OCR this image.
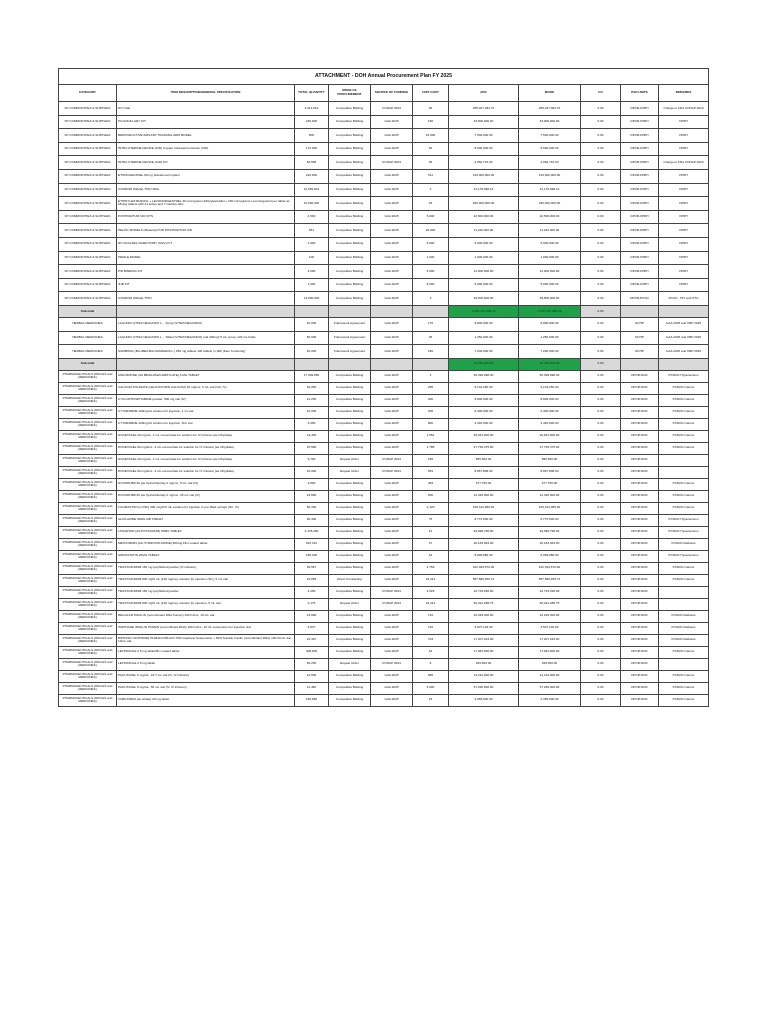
ATTACHMENT - DOH Annual Procurement Plan FY 2025										
CATEGORY	ITEM DESCRIPTION/GENERAL SPECIFICATION	TOTAL QUANTITY	MODE OF PROCUREMENT	SOURCE OF FUNDING	UNIT COST	ABC	MOOE	CO	PAP-UNITS	REMARKS
FP COMMODITIES & SUPPLIES	DO Chal	4,013,512	Competitive Bidding	CONAP 2024	36	255,027,384.70	255,027,384.70	0.00	DPCB-FPRH	Charge to FDA CONAP 2024
FP COMMODITIES & SUPPLIES	PO ANCILLARY KIT	220,000	Competitive Bidding	GAA 2025	150	33,000,000.00	33,000,000.00	0.00	DPCB-FPRH	FPRH
FP COMMODITIES & SUPPLIES	REPRODUCTIVE IMPLANT TRAINING ARM MODEL	500	Competitive Bidding	GAA 2025	15,000	7,500,000.00	7,500,000.00	0.00	DPCB-FPRH	FPRH
FP COMMODITIES & SUPPLIES	INTRA UTERINE DEVICE (IUD) Copper Intrauterine Device (IUD)	170,000	Competitive Bidding	GAA 2025	50	8,500,000.00	8,500,000.00	0.00	DPCB-FPRH	FPRH
FP COMMODITIES & SUPPLIES	INTRA UTERINE DEVICE (IUD) KIT	84,596	Competitive Bidding	CONAP 2024	35	2,960,716.00	2,960,716.00	0.00	DPCB-FPRH	Charge to FDA CONAP 2024
FP COMMODITIES & SUPPLIES	ETONOGESTREL 68 mg Subdermal Implant	220,000	Competitive Bidding	GAA 2025	511	143,000,000.00	143,000,000.00	0.00	DPCB-FPRH	FPRH
FP COMMODITIES & SUPPLIES	CONDOM (MALE) THIN 360s	12,059,844	Competitive Bidding	GAA 2025	3	31,178,998.16	31,178,998.16	0.00	DPCB-FPRH	FPRH
FP COMMODITIES & SUPPLIES	ETHINYLESTRADIOL + LEVONORGESTREL 30 micrograms Ethinylestradiol + 150 micrograms Levonorgestrel per tablet as 28 day tablets with 21 active and 7 inactive tabs	10,000,000	Competitive Bidding	GAA 2025	45	450,000,000.00	450,000,000.00	0.00	DPCB-FPRH	FPRH
FP COMMODITIES & SUPPLIES	POSTPARTUM IUD KITS	4,500	Competitive Bidding	GAA 2025	5,000	22,500,000.00	22,500,000.00	0.00	DPCB-FPRH	FPRH
FP COMMODITIES & SUPPLIES	PELVIC MODELS (Material) FOR POSTPARTUM IUD	561	Competitive Bidding	GAA 2025	20,000	11,220,000.00	11,220,000.00	0.00	DPCB-FPRH	FPRH
FP COMMODITIES & SUPPLIES	NO SCALPEL VASECTOMY (NSV) KIT	1,000	Competitive Bidding	GAA 2025	5,000	5,000,000.00	5,000,000.00	0.00	DPCB-FPRH	FPRH
FP COMMODITIES & SUPPLIES	PENILE MODEL	100	Competitive Bidding	GAA 2025	1,000	1,000,000.00	1,000,000.00	0.00	DPCB-FPRH	FPRH
FP COMMODITIES & SUPPLIES	PSI BINDING KIT	4,000	Competitive Bidding	GAA 2025	5,000	12,000,000.00	12,000,000.00	0.00	DPCB-FPRH	FPRH
FP COMMODITIES & SUPPLIES	JUB KIT	1,000	Competitive Bidding	GAA 2025	5,000	5,000,000.00	5,000,000.00	0.00	DPCB-FPRH	FPRH
FP COMMODITIES & SUPPLIES	CONDOM (MALE) THIN	13,000,000	Competitive Bidding	GAA 2025	3	39,500,000.00	39,500,000.00	0.00	DPCB-PCCD	PCCD - HIV and STIs
Sub-total						1,036,407,098.86	1,036,407,098.86	0.00		
HERBAL MEDICINES	LAGUNDI (VITEX NEGUNDO L. - Syrup (VITEX/NEGUNDO)	40,000	Framework Agreement	GAA 2025	170	6,800,000.00	6,800,000.00	0.00	NCHP	GAA 2025 and CBP 2025
HERBAL MEDICINES	LAGUNDI (VITEX NEGUNDO L. - Tablet (VITEX/NEGUNDO) oral 300mg/ 5 mL syrup, 120 mL bottle	50,000	Framework Agreement	GAA 2025	25	1,250,000.00	1,250,000.00	0.00	NCHP	GAA 2025 and CBP 2025
HERBAL MEDICINES	SAMBONG (BLUMEA BALSAMIFERA L.) 250 mg tablets 100 tablets (1,000 (Fam Contents))	40,000	Framework Agreement	GAA 2025	180	7,200,000.00	7,200,000.00	0.00	NCHP	GAA 2025 and CBP 2025
Sub-total						15,250,000.00	15,250,000.00	0.00		
PHARMACEUTICALS (DRUGS and MEDICINES)	AMLODIPINE (AS BESILATE/CAMSYLATE) 5 MG TABLET	17,099,850	Competitive Bidding	GAA 2025	3	50,399,998.40	50,399,998.40	0.00	DPCB-NCD	PCNCD Hypertension
PHARMACEUTICALS (DRUGS and MEDICINES)	CALCIUM FOLINATE (LEUCOVORIN CALCIUM) 10 mg/mL, 5 mL vial (OA, IV)	32,050	Competitive Bidding	GAA 2025	285	9,134,250.00	9,134,250.00	0.00	DPCB-NCD	PCNCD Cancer
PHARMACEUTICALS (DRUGS and MEDICINES)	CYCLOPHOSPHAMIDE powder, 500 mg vial (IV)	21,250	Competitive Bidding	GAA 2025	400	8,800,000.00	8,800,000.00	0.00	DPCB-NCD	PCNCD Cancer
PHARMACEUTICALS (DRUGS and MEDICINES)	CYTARABINE 100mg/ml solution for injection, 1 ml vial	16,000	Competitive Bidding	GAA 2025	400	6,400,000.00	6,400,000.00	0.00	DPCB-NCD	PCNCD Cancer
PHARMACEUTICALS (DRUGS and MEDICINES)	CYTARABINE 100mg/ml solution for injection, 5ml vial	3,050	Competitive Bidding	GAA 2025	800	2,440,000.00	2,440,000.00	0.00	DPCB-NCD	PCNCD Cancer
PHARMACEUTICALS (DRUGS and MEDICINES)	DOCETAXEL 20 mg/mL, 1 mL concentrate for solution for IV infusion (as trihydrate)	13,400	Competitive Bidding	GAA 2025	1,562	20,931,000.00	20,931,000.00	0.00	DPCB-NCD	PCNCD Cancer
PHARMACEUTICALS (DRUGS and MEDICINES)	DOCETAXEL 80 mg/4mL, 4 mL concentrate for solution for IV infusion (as trihydrate)	15,550	Competitive Bidding	GAA 2025	1,785	27,756,375.00	27,756,375.00	0.00	DPCB-NCD	PCNCD Cancer
PHARMACEUTICALS (DRUGS and MEDICINES)	DOCETAXEL 20 mg/mL, 1 mL concentrate for solution for IV infusion (as trihydrate)	5,700	Repeat Order	CONAP 2024	158	895,500.00	895,500.00	0.00	DPCB-NCD	
PHARMACEUTICALS (DRUGS and MEDICINES)	DOCETAXEL 80 mg/4mL, 4 mL concentrate for solution for IV infusion (as trihydrate)	16,000	Repeat Order	CONAP 2024	554	8,867,808.00	8,867,808.00	0.00	DPCB-NCD	
PHARMACEUTICALS (DRUGS and MEDICINES)	DOXORUBICIN (as hydrochloride) 2 mg/mL, 5 mL vial (IV)	2,800	Competitive Bidding	GAA 2025	484	677,750.00	677,750.00	0.00	DPCB-NCD	PCNCD Cancer
PHARMACEUTICALS (DRUGS and MEDICINES)	DOXORUBICIN (as hydrochloride) 2 mg/mL, 25 mL vial (IV)	24,650	Competitive Bidding	GAA 2025	500	12,325,000.00	12,325,000.00	0.00	DPCB-NCD	PCNCD Cancer
PHARMACEUTICALS (DRUGS and MEDICINES)	FILGRASTIM (G-CSF) 300 mcg/0.5 mL solution for injection in pre-filled syringe (SC, IV)	50,150	Competitive Bidding	GAA 2025	2,120	106,312,985.00	106,312,985.00	0.00	DPCB-NCD	PCNCD Cancer
PHARMACEUTICALS (DRUGS and MEDICINES)	GLICLAZIDE 30MG MR TABLET	90,300	Competitive Bidding	GAA 2025	75	6,772,500.00	6,772,500.00	0.00	DPCB-NCD	PCNCD Hypertension
PHARMACEUTICALS (DRUGS and MEDICINES)	LOSARTAN (AS POTASSIUM) 50MG TABLET	4,178,280	Competitive Bidding	GAA 2025	12	49,996,796.00	49,996,796.00	0.00	DPCB-NCD	PCNCD Hypertension
PHARMACEUTICALS (DRUGS and MEDICINES)	METFORMIN (AS HYDROCHLORIDE) 500mg Film coated tablet	545,312	Competitive Bidding	GAA 2025	37	20,183,964.00	20,183,964.00	0.00	DPCB-NCD	PCNCD Diabetes
PHARMACEUTICALS (DRUGS and MEDICINES)	SIMVASTATIN 20MG TABLET	180,400	Competitive Bidding	GAA 2025	44	8,099,986.00	8,099,986.00	0.00	DPCB-NCD	PCNCD Hypertension
PHARMACEUTICALS (DRUGS and MEDICINES)	TRASTUZUMAB 150 mg lyophilized powder (IV infusion)	39,567	Competitive Bidding	GAA 2025	4,759	102,394,570.00	102,394,570.00	0.00	DPCB-NCD	PCNCD Cancer
PHARMACEUTICALS (DRUGS and MEDICINES)	TRASTUZUMAB 600 mg/5 mL (120 mg/mL) solution for injection (SC), 5 mL vial	24,059	Direct Contracting	GAA 2025	23,214	557,586,455.74	557,586,455.74	0.00	DPCB-NCD	PCNCD Cancer
PHARMACEUTICALS (DRUGS and MEDICINES)	TRASTUZUMAB 150 mg lyophilized powder	4,250	Competitive Bidding	CONAP 2024	2,529	10,733,250.00	10,733,250.00	0.00	DPCB-NCD	
PHARMACEUTICALS (DRUGS and MEDICINES)	TRASTUZUMAB 600 mg/5 mL (120 mg/mL) solution for injection, 5 mL vial	2,175	Repeat Order	CONAP 2024	23,214	50,491,288.75	50,491,288.75	0.00	DPCB-NCD	
PHARMACEUTICALS (DRUGS and MEDICINES)	REGULAR INSULIN (recombinant DNA human) 100 IU/mL, 10 mL vial	13,890	Competitive Bidding	GAA 2025	722	10,029,300.00	10,029,300.00	0.00	DPCB-NCD	PCNCD Diabetes
PHARMACEUTICALS (DRUGS and MEDICINES)	ISOPHANE INSULIN HUMAN (recombinant DNA) 100 IU/mL, 10 mL suspension for injection vial	4,837	Competitive Bidding	GAA 2025	722	3,507,146.00	3,507,146.00	0.00	DPCB-NCD	PCNCD Diabetes
PHARMACEUTICALS (DRUGS and MEDICINES)	BIPHASIC ISOPHANE HUMAN INSULIN 70% Isophane Suspension + 30% Soluble Insulin (recombinant DNA) 100 IU/mL vial, 10mL vial	24,497	Competitive Bidding	GAA 2025	703	17,207,244.00	17,207,244.00	0.00	DPCB-NCD	PCNCD Diabetes
PHARMACEUTICALS (DRUGS and MEDICINES)	LETROZOLE 2.5 mg tablet/film coated tablet	408,000	Competitive Bidding	GAA 2025	44	17,981,600.00	17,981,600.00	0.00	DPCB-NCD	PCNCD Cancer
PHARMACEUTICALS (DRUGS and MEDICINES)	LETROZOLE 2.5 mg tablet	50,250	Repeat Order	CONAP 2024	6	259,500.00	259,500.00	0.00	DPCB-NCD	
PHARMACEUTICALS (DRUGS and MEDICINES)	PACLITAXEL 6 mg/mL, 16.7 mL vial (IV, IV infusion)	14,500	Competitive Bidding	GAA 2025	980	14,210,000.00	14,210,000.00	0.00	DPCB-NCD	PCNCD Cancer
PHARMACEUTICALS (DRUGS and MEDICINES)	PACLITAXEL 6 mg/mL, 50 mL vial (IV, IV infusion)	11,450	Competitive Bidding	GAA 2025	5,000	57,250,000.00	57,250,000.00	0.00	DPCB-NCD	PCNCD Cancer
PHARMACEUTICALS (DRUGS and MEDICINES)	TAMOXIFEN (as citrate) 20 mg tablet	150,680	Competitive Bidding	GAA 2025	15	2,365,000.00	2,365,000.00	0.00	DPCB-NCD	PCNCD Cancer
